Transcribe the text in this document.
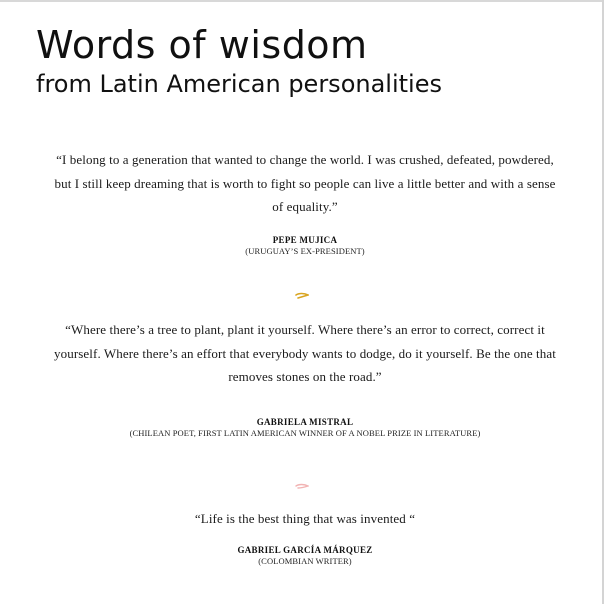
Words of wisdom
from Latin American personalities
“I belong to a generation that wanted to change the world. I was crushed, defeated, powdered, but I still keep dreaming that is worth to fight so people can live a little better and with a sense of equality.”
PEPE MUJICA
(URUGUAY’S EX-PRESIDENT)
“Where there’s a tree to plant, plant it yourself. Where there’s an error to correct, correct it yourself. Where there’s an effort that everybody wants to dodge, do it yourself. Be the one that removes stones on the road.”
GABRIELA MISTRAL
(CHILEAN POET, FIRST LATIN AMERICAN WINNER OF A NOBEL PRIZE IN LITERATURE)
“Life is the best thing that was invented “
GABRIEL GARCÍA MÁRQUEZ
(COLOMBIAN WRITER)
